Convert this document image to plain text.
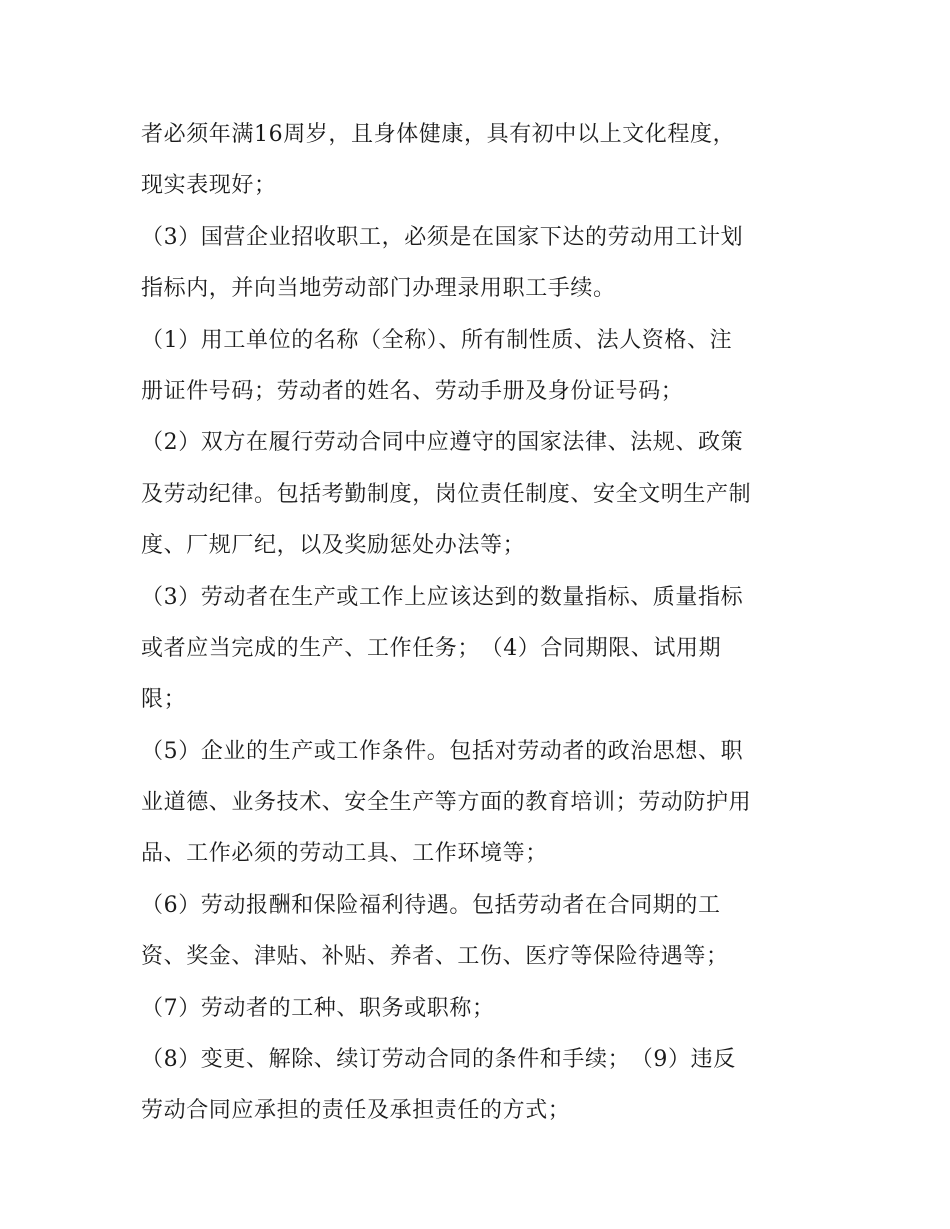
者必须年满16周岁，且身体健康，具有初中以上文化程度，
现实表现好；
（3）国营企业招收职工，必须是在国家下达的劳动用工计划
指标内，并向当地劳动部门办理录用职工手续。
（1）用工单位的名称（全称）、所有制性质、法人资格、注
册证件号码；劳动者的姓名、劳动手册及身份证号码；
（2）双方在履行劳动合同中应遵守的国家法律、法规、政策
及劳动纪律。包括考勤制度，岗位责任制度、安全文明生产制
度、厂规厂纪，以及奖励惩处办法等；
（3）劳动者在生产或工作上应该达到的数量指标、质量指标
或者应当完成的生产、工作任务；　（4）合同期限、试用期
限；
（5）企业的生产或工作条件。包括对劳动者的政治思想、职
业道德、业务技术、安全生产等方面的教育培训；劳动防护用
品、工作必须的劳动工具、工作环境等；
（6）劳动报酬和保险福利待遇。包括劳动者在合同期的工
资、奖金、津贴、补贴、养者、工伤、医疗等保险待遇等；
（7）劳动者的工种、职务或职称；
（8）变更、解除、续订劳动合同的条件和手续；　（9）违反
劳动合同应承担的责任及承担责任的方式；
